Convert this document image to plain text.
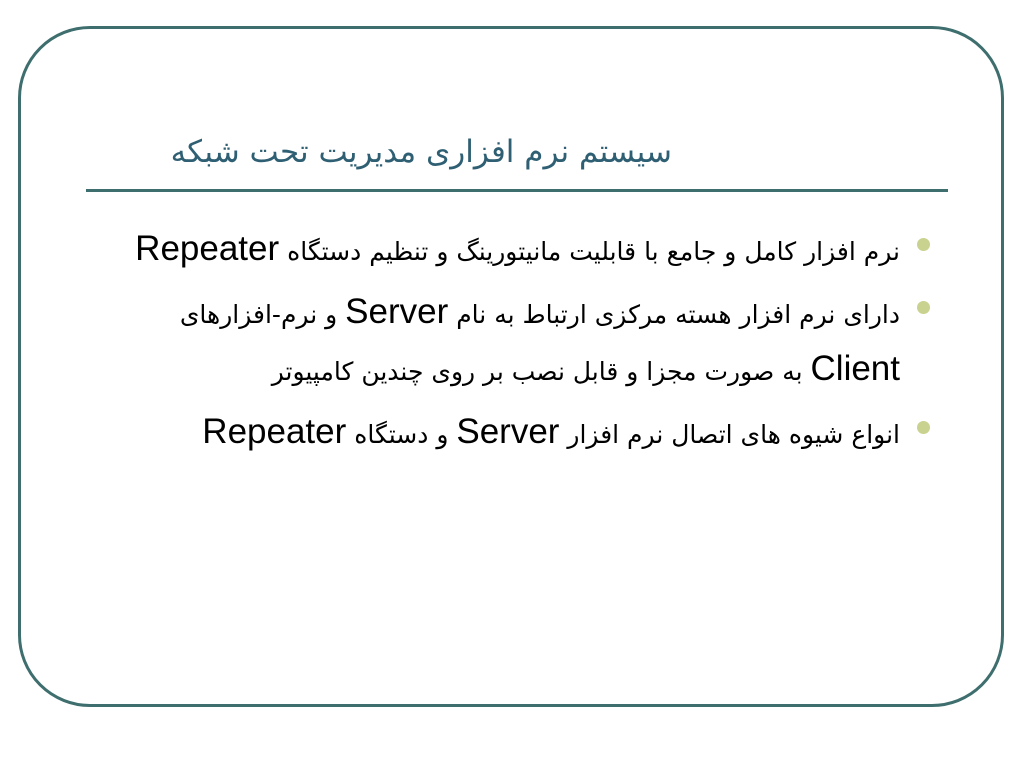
سیستم نرم افزاری مدیریت تحت شبکه
نرم افزار کامل و جامع با قابلیت مانیتورینگ و تنظیم دستگاه Repeater
دارای نرم افزار هسته مرکزی ارتباط به نام Server و نرم-افزارهای Client به صورت مجزا و قابل نصب بر روی چندین کامپیوتر
انواع شیوه های اتصال نرم افزار Server و دستگاه Repeater
